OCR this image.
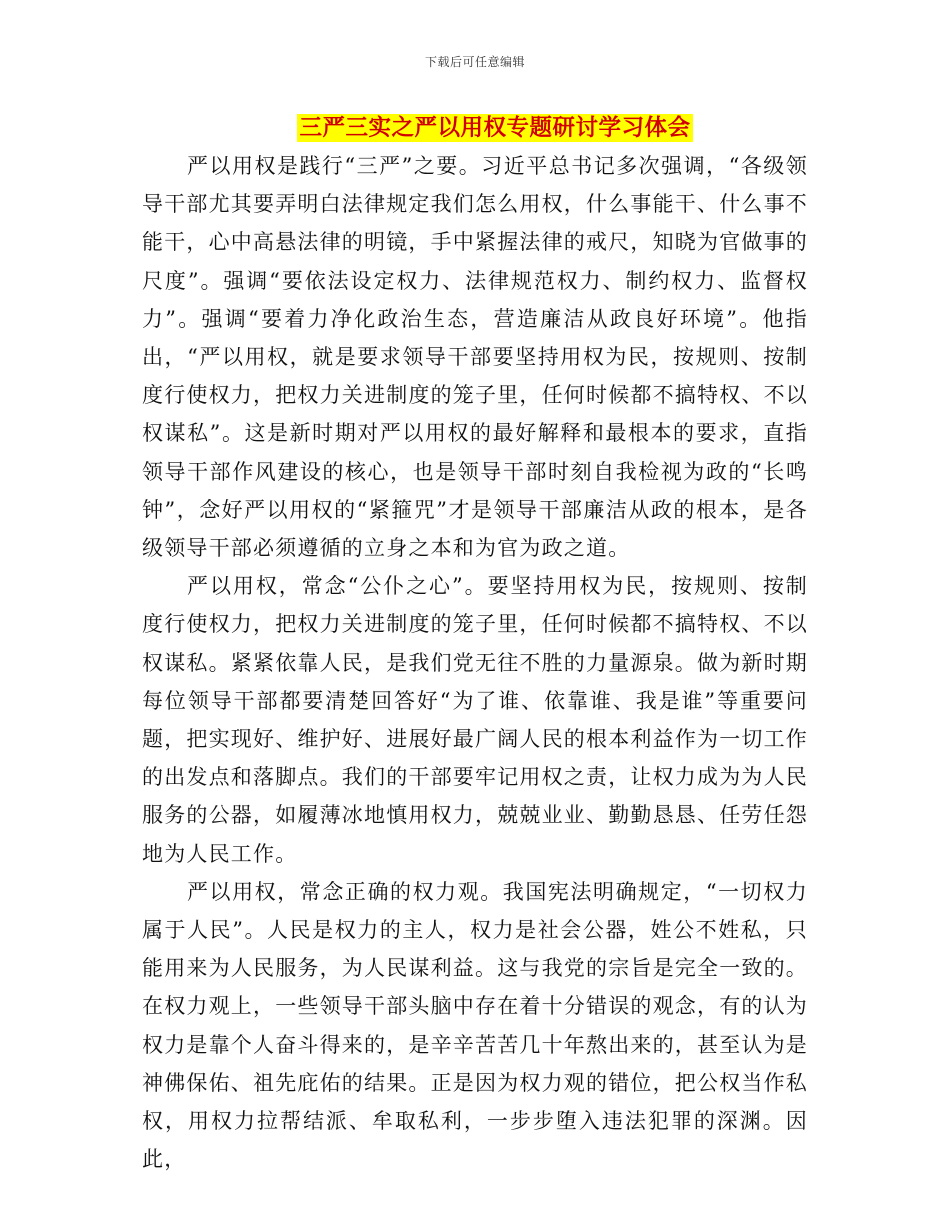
下载后可任意编辑
三严三实之严以用权专题研讨学习体会

严以用权是践行“三严”之要。习近平总书记多次强调，“各级领导干部尤其要弄明白法律规定我们怎么用权，什么事能干、什么事不能干，心中高悬法律的明镜，手中紧握法律的戒尺，知晓为官做事的尺度”。强调“要依法设定权力、法律规范权力、制约权力、监督权力”。强调“要着力净化政治生态，营造廉洁从政良好环境”。他指出，“严以用权，就是要求领导干部要坚持用权为民，按规则、按制度行使权力，把权力关进制度的笼子里，任何时候都不搞特权、不以权谋私”。这是新时期对严以用权的最好解释和最根本的要求，直指领导干部作风建设的核心，也是领导干部时刻自我检视为政的“长鸣钟”，念好严以用权的“紧箍咒”才是领导干部廉洁从政的根本，是各级领导干部必须遵循的立身之本和为官为政之道。

严以用权，常念“公仆之心”。要坚持用权为民，按规则、按制度行使权力，把权力关进制度的笼子里，任何时候都不搞特权、不以权谋私。紧紧依靠人民，是我们党无往不胜的力量源泉。做为新时期每位领导干部都要清楚回答好“为了谁、依靠谁、我是谁”等重要问题，把实现好、维护好、进展好最广阔人民的根本利益作为一切工作的出发点和落脚点。我们的干部要牢记用权之责，让权力成为为人民服务的公器，如履薄冰地慎用权力，兢兢业业、勤勤恳恳、任劳任怨地为人民工作。

严以用权，常念正确的权力观。我国宪法明确规定，“一切权力属于人民”。人民是权力的主人，权力是社会公器，姓公不姓私，只能用来为人民服务，为人民谋利益。这与我党的宗旨是完全一致的。在权力观上，一些领导干部头脑中存在着十分错误的观念，有的认为权力是靠个人奋斗得来的，是辛辛苦苦几十年熬出来的，甚至认为是神佛保佑、祖先庇佑的结果。正是因为权力观的错位，把公权当作私权，用权力拉帮结派、牟取私利，一步步堕入违法犯罪的深渊。因此，
